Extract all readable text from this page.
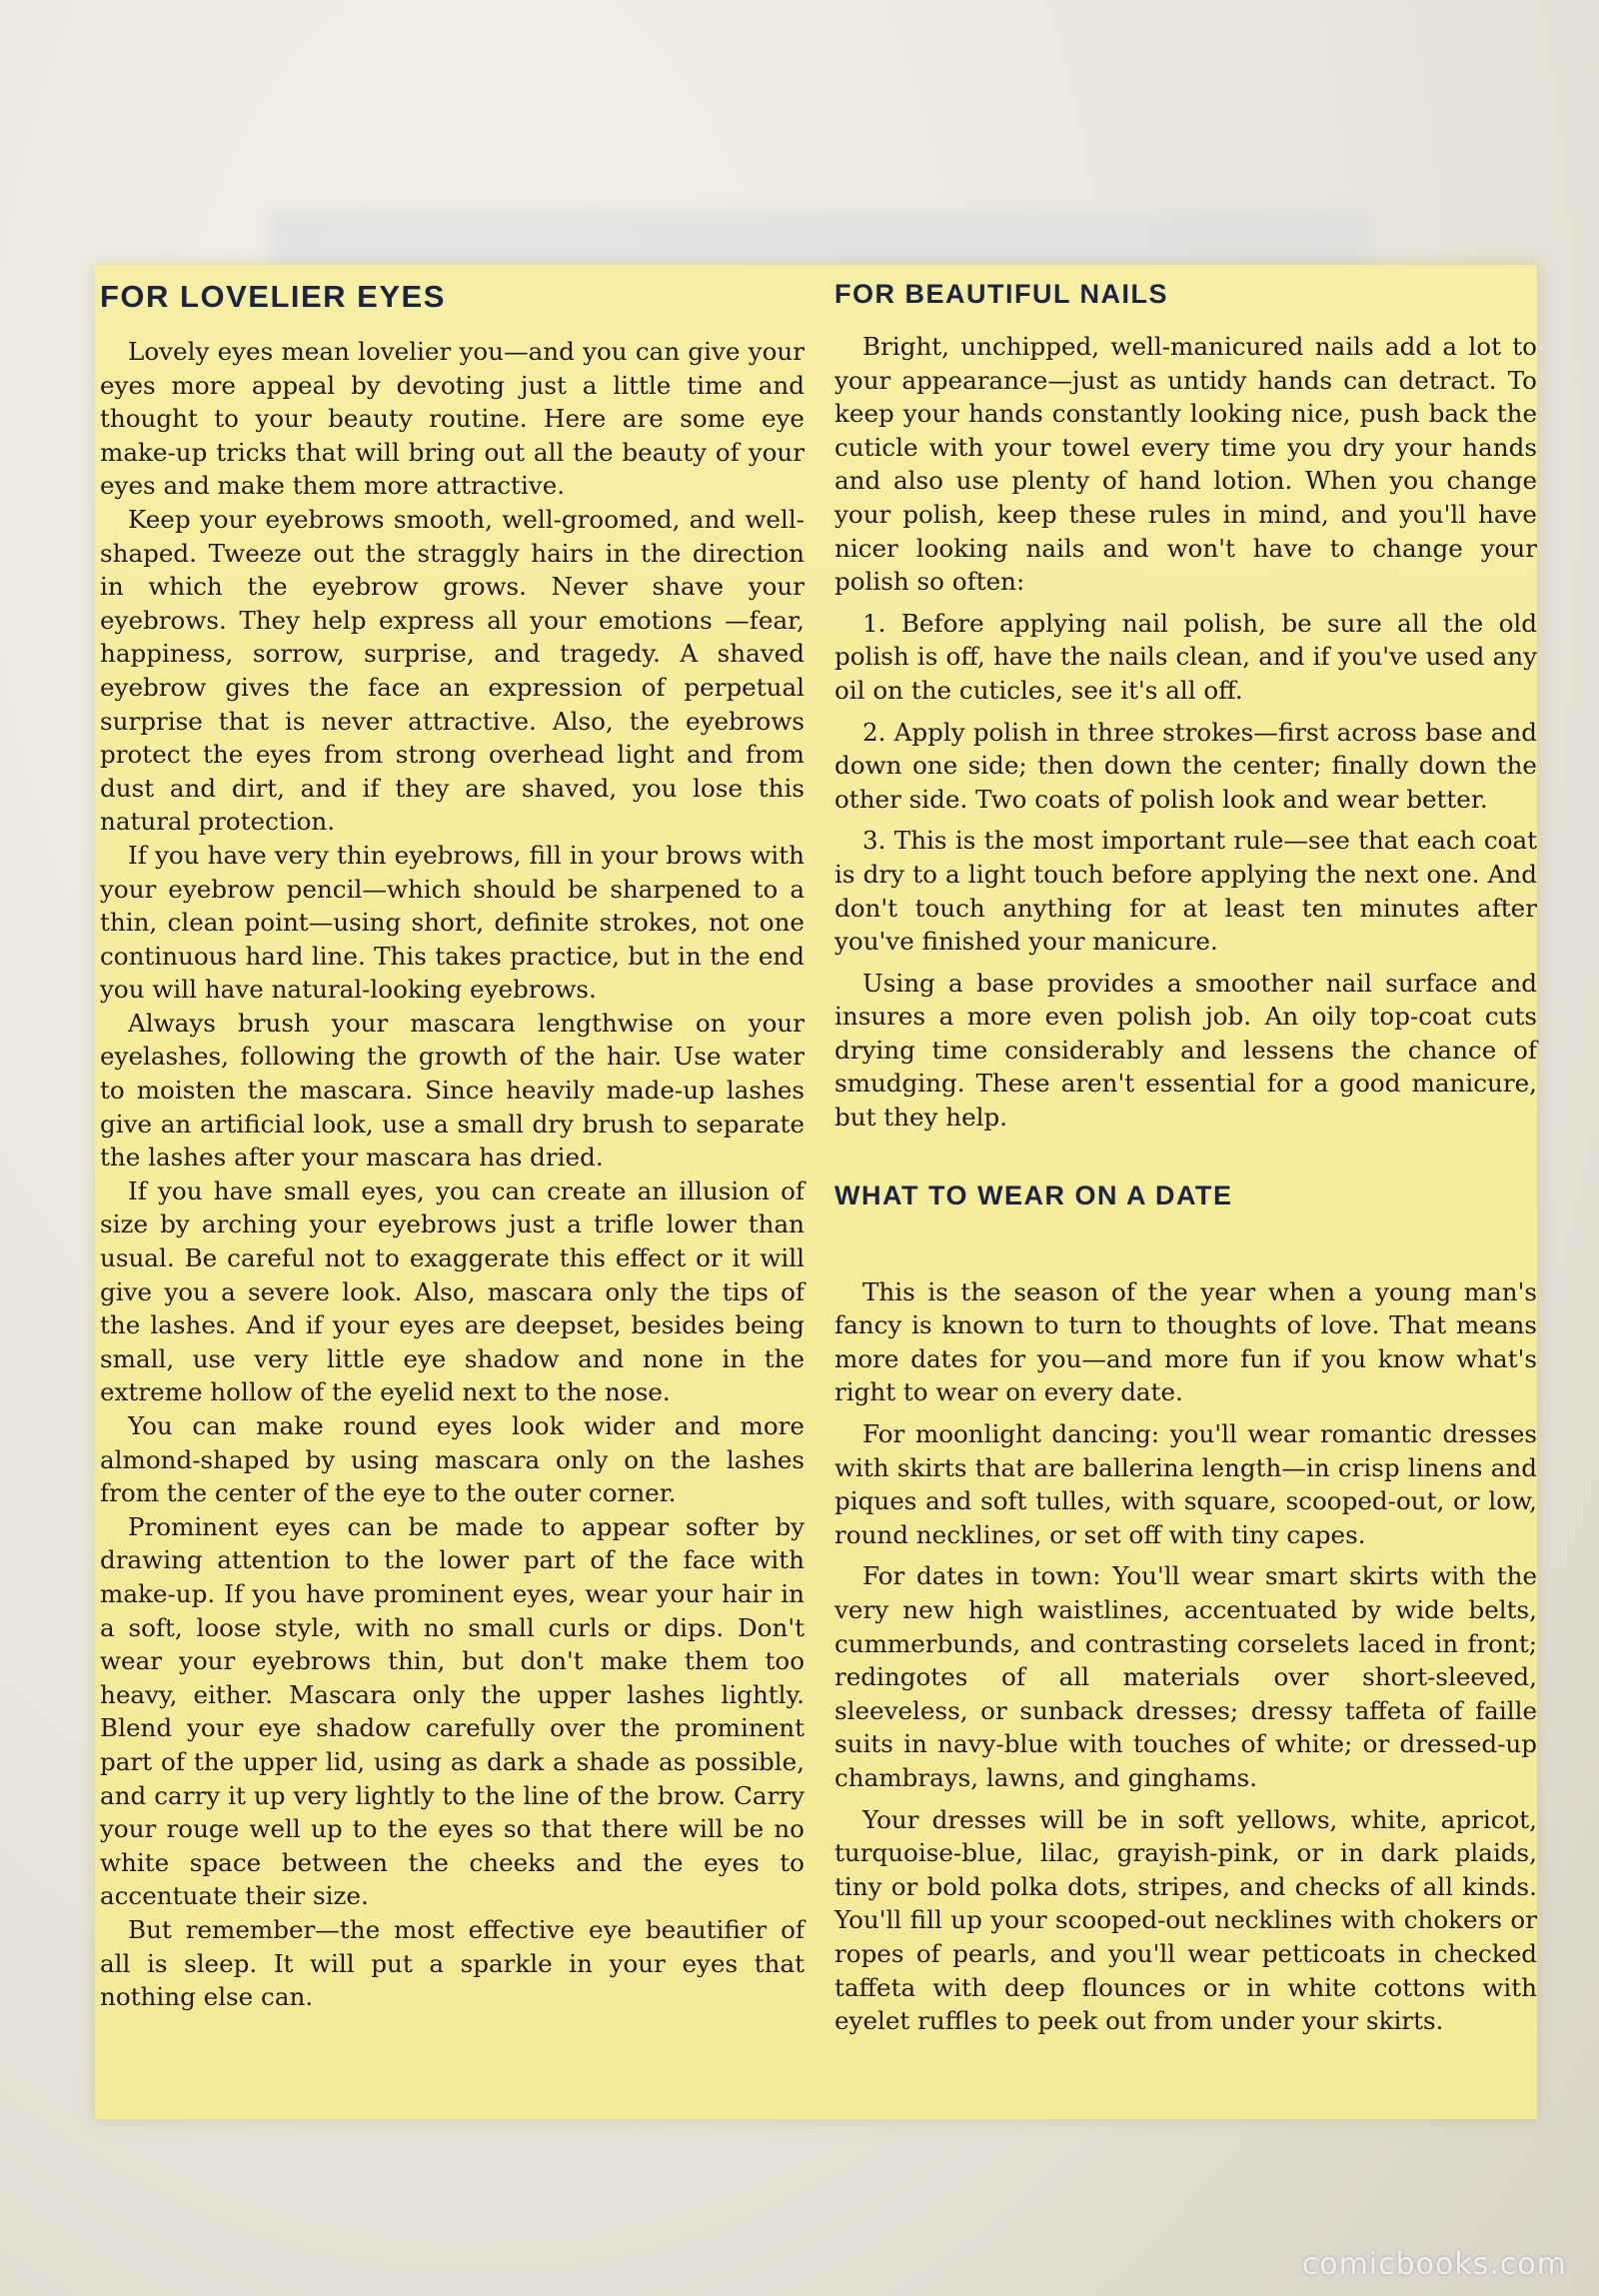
FOR LOVELIER EYES

Lovely eyes mean lovelier you—and you can give your eyes more appeal by devoting just a little time and thought to your beauty routine. Here are some eye make-up tricks that will bring out all the beauty of your eyes and make them more attractive.

Keep your eyebrows smooth, well-groomed, and well-shaped. Tweeze out the straggly hairs in the direction in which the eyebrow grows. Never shave your eyebrows. They help express all your emotions —fear, happiness, sorrow, surprise, and tragedy. A shaved eyebrow gives the face an expression of perpetual surprise that is never attractive. Also, the eyebrows protect the eyes from strong overhead light and from dust and dirt, and if they are shaved, you lose this natural protection.

If you have very thin eyebrows, fill in your brows with your eyebrow pencil—which should be sharpened to a thin, clean point—using short, definite strokes, not one continuous hard line. This takes practice, but in the end you will have natural-looking eyebrows.

Always brush your mascara lengthwise on your eyelashes, following the growth of the hair. Use water to moisten the mascara. Since heavily made-up lashes give an artificial look, use a small dry brush to separate the lashes after your mascara has dried.

If you have small eyes, you can create an illusion of size by arching your eyebrows just a trifle lower than usual. Be careful not to exaggerate this effect or it will give you a severe look. Also, mascara only the tips of the lashes. And if your eyes are deepset, besides being small, use very little eye shadow and none in the extreme hollow of the eyelid next to the nose.

You can make round eyes look wider and more almond-shaped by using mascara only on the lashes from the center of the eye to the outer corner.

Prominent eyes can be made to appear softer by drawing attention to the lower part of the face with make-up. If you have prominent eyes, wear your hair in a soft, loose style, with no small curls or dips. Don't wear your eyebrows thin, but don't make them too heavy, either. Mascara only the upper lashes lightly. Blend your eye shadow carefully over the prominent part of the upper lid, using as dark a shade as possible, and carry it up very lightly to the line of the brow. Carry your rouge well up to the eyes so that there will be no white space between the cheeks and the eyes to accentuate their size.

But remember—the most effective eye beautifier of all is sleep. It will put a sparkle in your eyes that nothing else can.

FOR BEAUTIFUL NAILS

Bright, unchipped, well-manicured nails add a lot to your appearance—just as untidy hands can detract. To keep your hands constantly looking nice, push back the cuticle with your towel every time you dry your hands and also use plenty of hand lotion. When you change your polish, keep these rules in mind, and you'll have nicer looking nails and won't have to change your polish so often:

1. Before applying nail polish, be sure all the old polish is off, have the nails clean, and if you've used any oil on the cuticles, see it's all off.

2. Apply polish in three strokes—first across base and down one side; then down the center; finally down the other side. Two coats of polish look and wear better.

3. This is the most important rule—see that each coat is dry to a light touch before applying the next one. And don't touch anything for at least ten minutes after you've finished your manicure.

Using a base provides a smoother nail surface and insures a more even polish job. An oily top-coat cuts drying time considerably and lessens the chance of smudging. These aren't essential for a good manicure, but they help.

WHAT TO WEAR ON A DATE

This is the season of the year when a young man's fancy is known to turn to thoughts of love. That means more dates for you—and more fun if you know what's right to wear on every date.

For moonlight dancing: you'll wear romantic dresses with skirts that are ballerina length—in crisp linens and piques and soft tulles, with square, scooped-out, or low, round necklines, or set off with tiny capes.

For dates in town: You'll wear smart skirts with the very new high waistlines, accentuated by wide belts, cummerbunds, and contrasting corselets laced in front; redingotes of all materials over short-sleeved, sleeveless, or sunback dresses; dressy taffeta of faille suits in navy-blue with touches of white; or dressed-up chambrays, lawns, and ginghams.

Your dresses will be in soft yellows, white, apricot, turquoise-blue, lilac, grayish-pink, or in dark plaids, tiny or bold polka dots, stripes, and checks of all kinds. You'll fill up your scooped-out necklines with chokers or ropes of pearls, and you'll wear petticoats in checked taffeta with deep flounces or in white cottons with eyelet ruffles to peek out from under your skirts.

comicbooks.com
